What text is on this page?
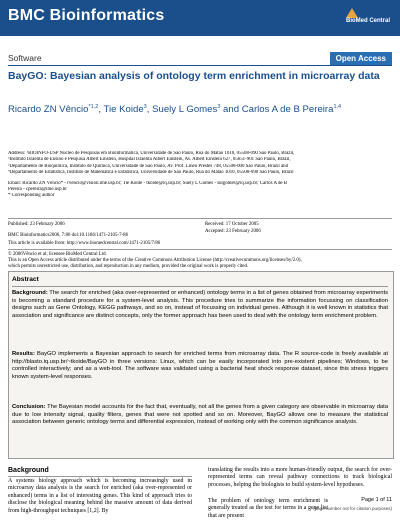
BMC Bioinformatics	BioMed Central
Software	Open Access
BayGO: Bayesian analysis of ontology term enrichment in microarray data
Ricardo ZN Vêncio$^{*1,2}$, Tie Koide$^3$, Suely L Gomes$^3$ and Carlos A de B Pereira$^{1,4}$
Address: ¹BIOINFO-USP Núcleo de Pesquisas em Bioinformática, Universidade de São Paulo, Rua do Matão 1010, 05508-090 São Paulo, Brazil,
²Instituto Israelita de Ensino e Pesquisa Albert Einstein, Hospital Israelita Albert Einstein, Av. Albert Einstein 627, 05651-901 São Paulo, Brazil,
³Departamento de Bioquímica, Instituto de Química, Universidade de São Paulo, Av. Prof. Lineu Prestes 748, 05508-000 São Paulo, Brazil and
⁴Departamento de Estatística, Instituto de Matemática e Estatística, Universidade de São Paulo, Rua do Matão 1010, 05508-090 São Paulo, Brazil
Email: Ricardo ZN Vêncio* - rvencio@vision.ime.usp.br; Tie Koide - tkoide@iq.usp.br; Suely L Gomes - sulgomes@iq.usp.br; Carlos A de B
Pereira - cpereira@ime.usp.br
* Corresponding author
Published: 23 February 2006	Received: 17 October 2005
Accepted: 23 February 2006
BMC Bioinformatics2006, 7:86 doi:10.1186/1471-2105-7-86
This article is available from: http://www.biomedcentral.com/1471-2105/7/86
© 2006Vêncio et al; licensee BioMed Central Ltd.
This is an Open Access article distributed under the terms of the Creative Commons Attribution License (http://creativecommons.org/licenses/by/2.0),
which permits unrestricted use, distribution, and reproduction in any medium, provided the original work is properly cited.
Abstract
Background: The search for enriched (aka over-represented or enhanced) ontology terms in a list of genes obtained from microarray experiments is becoming a standard procedure for a system-level analysis. This procedure tries to summarize the information focussing on classification designs such as Gene Ontology, KEGG pathways, and so on, instead of focussing on individual genes. Although it is well known in statistics that association and significance are distinct concepts, only the former approach has been used to deal with the ontology term enrichment problem.
Results: BayGO implements a Bayesian approach to search for enriched terms from microarray data. The R source-code is freely available at http://blasto.iq.usp.br/~tkoide/BayGO in three versions: Linux, which can be easily incorporated into pre-existent pipelines; Windows, to be controlled interactively; and as a web-tool. The software was validated using a bacterial heat shock response dataset, since this stress triggers known system-level responses.
Conclusion: The Bayesian model accounts for the fact that, eventually, not all the genes from a given category are observable in microarray data due to low intensity signal, quality filters, genes that were not spotted and so on. Moreover, BayGO allows one to measure the statistical association between generic ontology terms and differential expression, instead of working only with the common significance analysis.
Background
A systems biology approach which is becoming increasingly used in microarray data analysis is the search for enriched (aka over-represented or enhanced) terms in a list of interesting genes. This kind of approach tries to disclose the biological meaning behind the massive amount of data derived from high-throughput techniques [1,2]. By
translating the results into a more human-friendly output, the search for over-represented terms can reveal pathway connections to track biological processes, helping the biologists to build system-level hypotheses.
The problem of ontology term enrichment is generally treated as the test for terms in a gene list that are present
Page 1 of 11
(page number not for citation purposes)
